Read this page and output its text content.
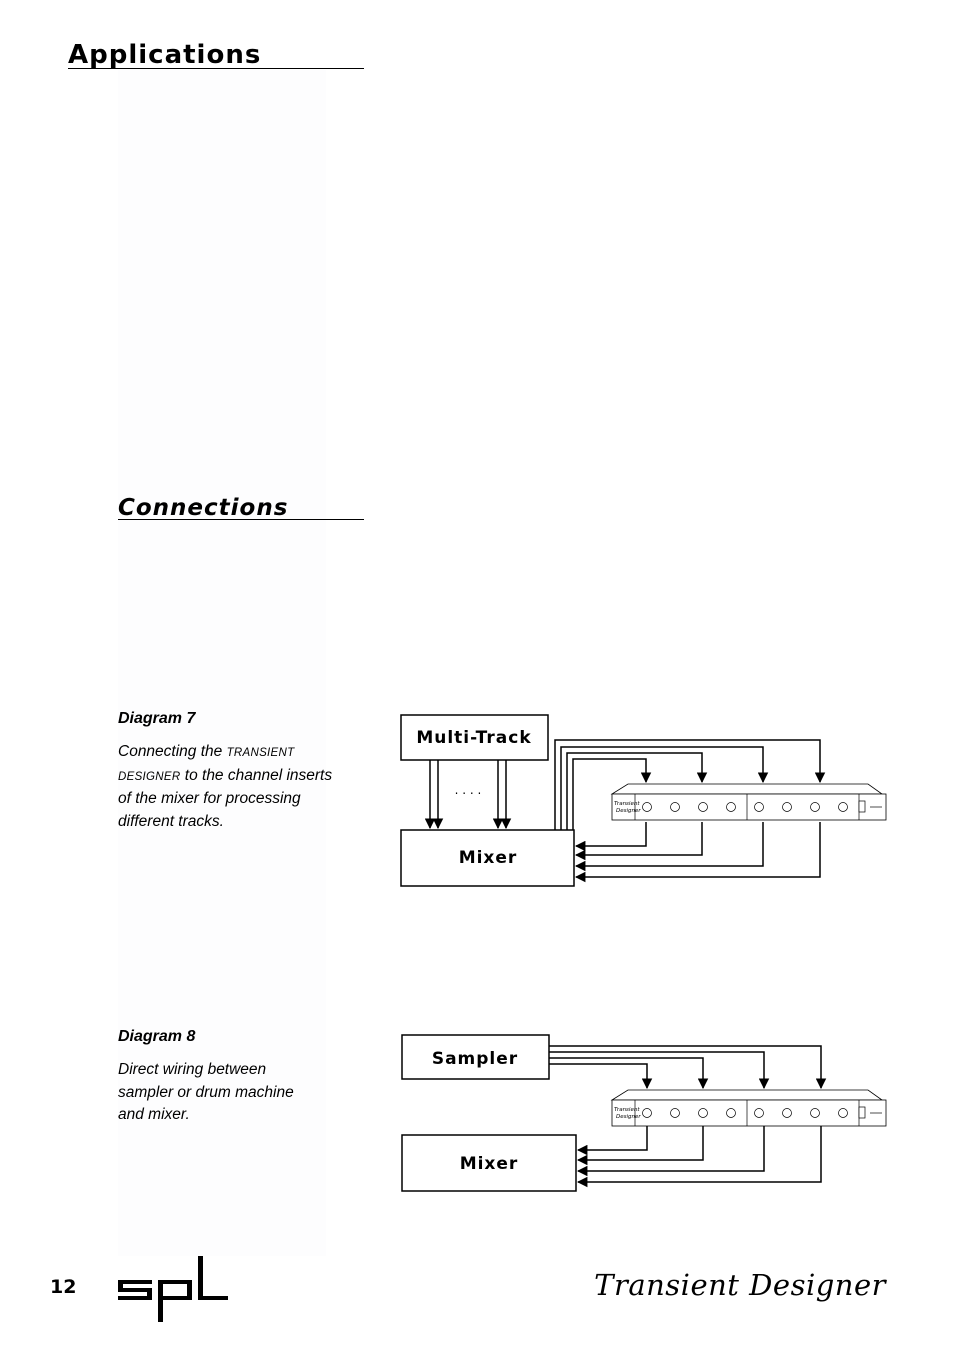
Applications
Connections
Diagram 7
Connecting the TRANSIENT
DESIGNER to the channel inserts
of the mixer for processing different tracks.
Diagram 8
Direct wiring between sampler or drum machine and mixer.
Multi-Track
Mixer
. . . .
Transient
Designer
Sampler
Mixer
Transient
Designer
12	Transient Designer
